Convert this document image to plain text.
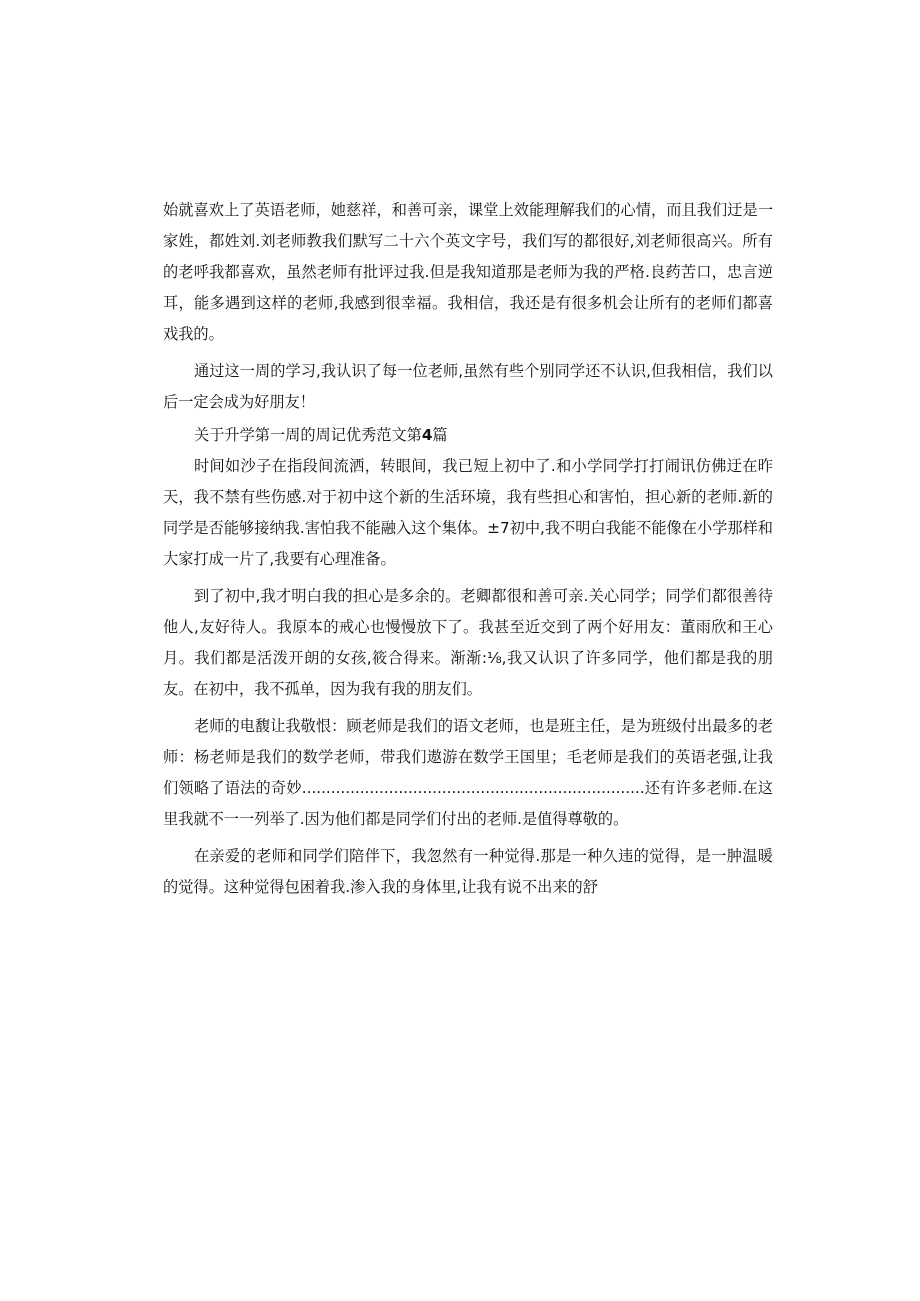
始就喜欢上了英语老师，她慈祥，和善可亲，课堂上效能理解我们的心情，而且我们迂是一家姓，都姓刘.刘老师教我们默写二十六个英文字号，我们写的都很好,刘老师很高兴。所有的老呼我都喜欢，虽然老师有批评过我.但是我知道那是老师为我的严格.良药苦口，忠言逆耳，能多遇到这样的老师,我感到很幸福。我相信，我还是有很多机会让所有的老师们都喜戏我的。

通过这一周的学习,我认识了每一位老师,虽然有些个别同学还不认识,但我相信，我们以后一定会成为好朋友！

关于升学第一周的周记优秀范文第4篇

时间如沙子在指段间流洒，转眼间，我已短上初中了.和小学同学打打闹讯仿佛迂在昨天，我不禁有些伤感.对于初中这个新的生活环境，我有些担心和害怕，担心新的老师.新的同学是否能够接纳我.害怕我不能融入这个集体。±7初中,我不明白我能不能像在小学那样和大家打成一片了,我要有心理准备。

到了初中,我才明白我的担心是多余的。老卿都很和善可亲.关心同学；同学们都很善待他人,友好待人。我原本的戒心也慢慢放下了。我甚至近交到了两个好用友：董雨欣和王心月。我们都是活泼开朗的女孩,筱合得来。渐渐:⅛,我又认识了许多同学，他们都是我的朋友。在初中，我不孤单，因为我有我的朋友们。

老师的电馥让我敬恨：顾老师是我们的语文老师，也是班主任，是为班级付出最多的老师：杨老师是我们的数学老师，带我们遨游在数学王国里；毛老师是我们的英语老强,让我们领略了语法的奇妙.......................................................................还有许多老师.在这里我就不一一列举了.因为他们都是同学们付出的老师.是值得尊敬的。

在亲爱的老师和同学们陪伴下，我忽然有一种觉得.那是一种久违的觉得，是一肿温暖的觉得。这种觉得包困着我.渗入我的身体里,让我有说不出来的舒
